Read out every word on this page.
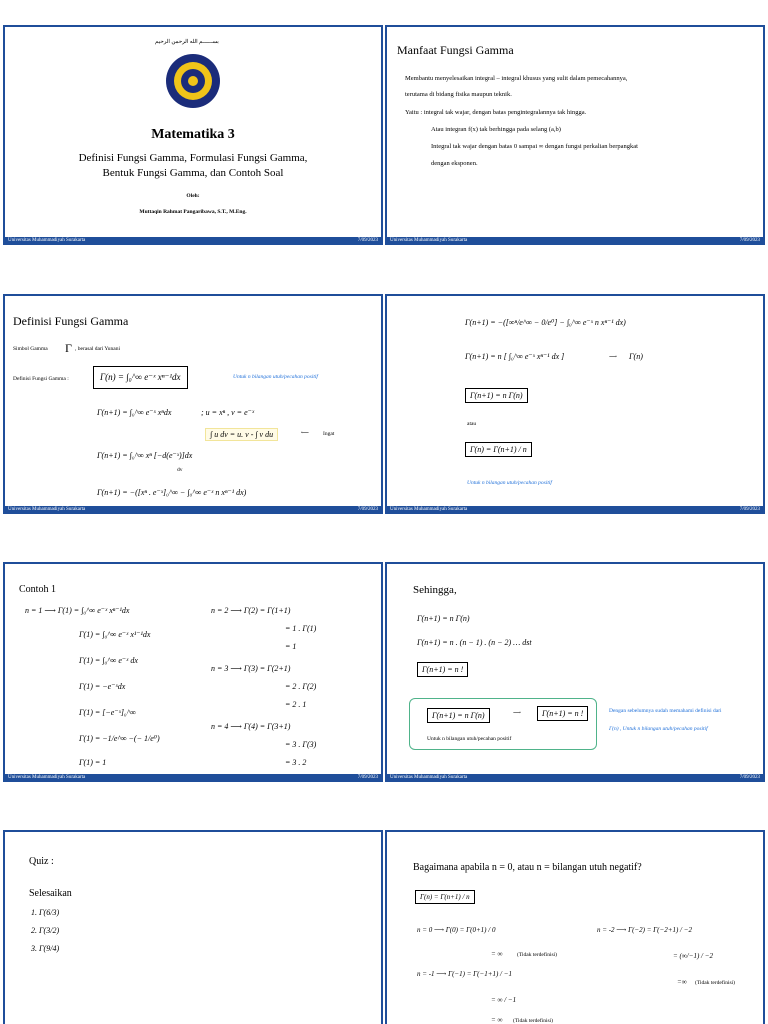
بســــــم الله الرحمن الرحيم
Matematika 3
Definisi Fungsi Gamma, Formulasi Fungsi Gamma,
Bentuk Fungsi Gamma, dan Contoh Soal
Oleh:
Muttaqin Rahmat Pangaribawa, S.T., M.Eng.
Universitas Muhammadiyah Surakarta	7/09/2023
Manfaat Fungsi Gamma
Membantu menyelesaikan integral – integral khusus yang sulit dalam pemecahannya,
terutama di bidang fisika maupun teknik.
Yaitu : integral tak wajar, dengan batas pengintegralannya tak hingga.
Atau integran f(x) tak berhingga pada selang (a,b)
Integral tak wajar dengan batas 0 sampai ∞ dengan fungsi perkalian berpangkat
dengan eksponen.
Universitas Muhammadiyah Surakarta	7/09/2023
Definisi Fungsi Gamma
Simbol Gamma Γ , berasal dari Yunani
Definisi Fungsi Gamma :	Γ(n) = ∫₀^∞ e⁻ˣ xⁿ⁻¹dx	Untuk n bilangan utuh/pecahan positif
Γ(n+1) = ∫₀^∞ e⁻ˣ xⁿdx	; u = xⁿ , v = e⁻ˣ
∫ u dv = u. v - ∫ v du	⟵	Ingat
Γ(n+1) = ∫₀^∞ xⁿ [−d(e⁻ˣ)]dx
dv
Γ(n+1) = −([xⁿ . e⁻ˣ]₀^∞ − ∫₀^∞ e⁻ˣ n xⁿ⁻¹ dx)
Universitas Muhammadiyah Surakarta	7/09/2023
Γ(n+1) = −([∞ⁿ/e^∞ − 0/e⁰] − ∫₀^∞ e⁻ˣ n xⁿ⁻¹ dx)
Γ(n+1) = n [ ∫₀^∞ e⁻ˣ xⁿ⁻¹ dx ]	⟶ Γ(n)
Γ(n+1) = n Γ(n)
atau
Γ(n) = Γ(n+1) / n
Untuk n bilangan utuh/pecahan positif
Universitas Muhammadiyah Surakarta	7/09/2023
Contoh 1
n = 1 ⟶ Γ(1) = ∫₀^∞ e⁻ˣ xⁿ⁻¹dx
Γ(1) = ∫₀^∞ e⁻ˣ x¹⁻¹dx
Γ(1) = ∫₀^∞ e⁻ˣ dx
Γ(1) = −e⁻ˣdx
Γ(1) = [−e⁻ˣ]₀^∞
Γ(1) = −1/e^∞ −(− 1/e⁰)
Γ(1) = 1
n = 2 ⟶ Γ(2) = Γ(1+1)
= 1 . Γ(1)
= 1
n = 3 ⟶ Γ(3) = Γ(2+1)
= 2 . Γ(2)
= 2 . 1
n = 4 ⟶ Γ(4) = Γ(3+1)
= 3 . Γ(3)
= 3 . 2
Universitas Muhammadiyah Surakarta	7/09/2023
Sehingga,
Γ(n+1) = n Γ(n)
Γ(n+1) = n . (n − 1) . (n − 2) … dst
Γ(n+1) = n !
Γ(n+1) = n Γ(n)	⟶	Γ(n+1) = n !
Untuk n bilangan utuh/pecahan positif
Dengan sebelumnya sudah memahami definisi dari
Γ(n) , Untuk n bilangan utuh/pecahan positif
Universitas Muhammadiyah Surakarta	7/09/2023
Quiz :
Selesaikan
1. Γ(6/3)
2. Γ(3/2)
3. Γ(9/4)
Bagaimana apabila n = 0, atau n = bilangan utuh negatif?
Γ(n) = Γ(n+1) / n
n = 0 ⟶ Γ(0) = Γ(0+1) / 0
= ∞	(Tidak terdefinisi)
n = -1 ⟶ Γ(−1) = Γ(−1+1) / −1
= ∞ / −1
= ∞ (Tidak terdefinisi)
n = -2 ⟶ Γ(−2) = Γ(−2+1) / −2
= (∞/−1) / −2
=∞ (Tidak terdefinisi)
